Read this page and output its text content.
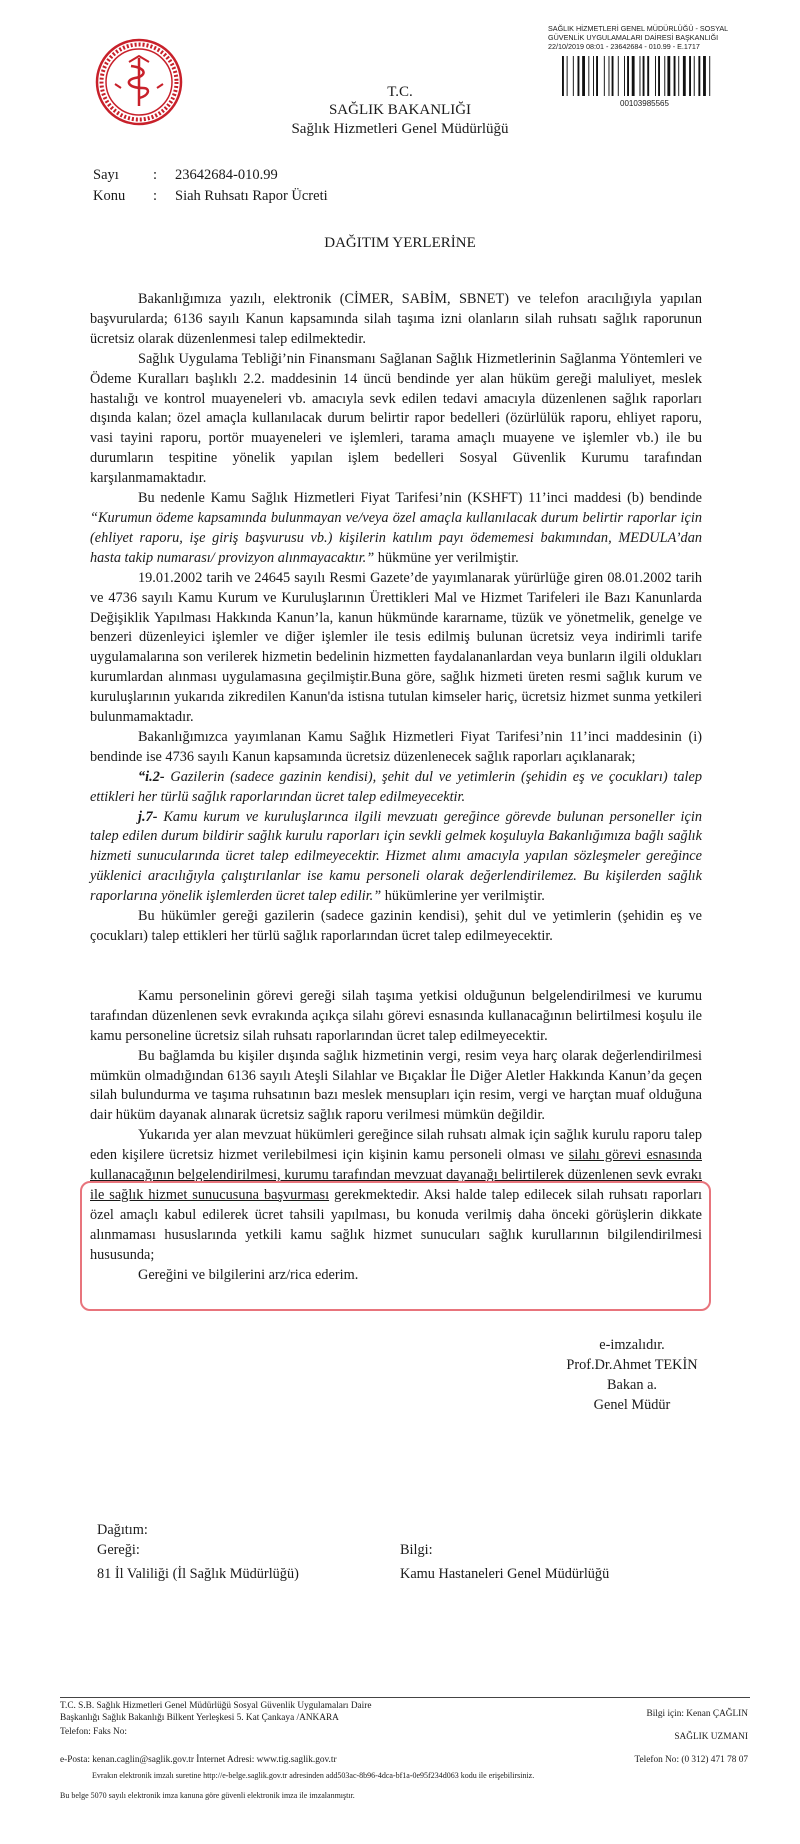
SAĞLIK HİZMETLERİ GENEL MÜDÜRLÜĞÜ - SOSYAL
GÜVENLİK UYGULAMALARI DAİRESİ BAŞKANLIĞI
22/10/2019 08:01 - 23642684 - 010.99 - E.1717
00103985565
T.C.
SAĞLIK BAKANLIĞI
Sağlık Hizmetleri Genel Müdürlüğü
Sayı : 23642684-010.99
Konu : Siah Ruhsatı Rapor Ücreti
DAĞITIM YERLERİNE

Bakanlığımıza yazılı, elektronik (CİMER, SABİM, SBNET) ve telefon aracılığıyla yapılan başvurularda; 6136 sayılı Kanun kapsamında silah taşıma izni olanların silah ruhsatı sağlık raporunun ücretsiz olarak düzenlenmesi talep edilmektedir.

Sağlık Uygulama Tebliği’nin Finansmanı Sağlanan Sağlık Hizmetlerinin Sağlanma Yöntemleri ve Ödeme Kuralları başlıklı 2.2. maddesinin 14 üncü bendinde yer alan hüküm gereği maluliyet, meslek hastalığı ve kontrol muayeneleri vb. amacıyla sevk edilen tedavi amacıyla düzenlenen sağlık raporları dışında kalan; özel amaçla kullanılacak durum belirtir rapor bedelleri (özürlülük raporu, ehliyet raporu, vasi tayini raporu, portör muayeneleri ve işlemleri, tarama amaçlı muayene ve işlemler vb.) ile bu durumların tespitine yönelik yapılan işlem bedelleri Sosyal Güvenlik Kurumu tarafından karşılanmamaktadır.

Bu nedenle Kamu Sağlık Hizmetleri Fiyat Tarifesi’nin (KSHFT) 11’inci maddesi (b) bendinde “Kurumun ödeme kapsamında bulunmayan ve/veya özel amaçla kullanılacak durum belirtir raporlar için (ehliyet raporu, işe giriş başvurusu vb.) kişilerin katılım payı ödememesi bakımından, MEDULA’dan hasta takip numarası/ provizyon alınmayacaktır.” hükmüne yer verilmiştir.

19.01.2002 tarih ve 24645 sayılı Resmi Gazete’de yayımlanarak yürürlüğe giren 08.01.2002 tarih ve 4736 sayılı Kamu Kurum ve Kuruluşlarının Ürettikleri Mal ve Hizmet Tarifeleri ile Bazı Kanunlarda Değişiklik Yapılması Hakkında Kanun’la, kanun hükmünde kararname, tüzük ve yönetmelik, genelge ve benzeri düzenleyici işlemler ve diğer işlemler ile tesis edilmiş bulunan ücretsiz veya indirimli tarife uygulamalarına son verilerek hizmetin bedelinin hizmetten faydalananlardan veya bunların ilgili oldukları kurumlardan alınması uygulamasına geçilmiştir.Buna göre, sağlık hizmeti üreten resmi sağlık kurum ve kuruluşlarının yukarıda zikredilen Kanun'da istisna tutulan kimseler hariç, ücretsiz hizmet sunma yetkileri bulunmamaktadır.

Bakanlığımızca yayımlanan Kamu Sağlık Hizmetleri Fiyat Tarifesi’nin 11’inci maddesinin (i) bendinde ise 4736 sayılı Kanun kapsamında ücretsiz düzenlenecek sağlık raporları açıklanarak;

“i.2- Gazilerin (sadece gazinin kendisi), şehit dul ve yetimlerin (şehidin eş ve çocukları) talep ettikleri her türlü sağlık raporlarından ücret talep edilmeyecektir.

j.7- Kamu kurum ve kuruluşlarınca ilgili mevzuatı gereğince görevde bulunan personeller için talep edilen durum bildirir sağlık kurulu raporları için sevkli gelmek koşuluyla Bakanlığımıza bağlı sağlık hizmeti sunucularında ücret talep edilmeyecektir. Hizmet alımı amacıyla yapılan sözleşmeler gereğince yüklenici aracılığıyla çalıştırılanlar ise kamu personeli olarak değerlendirilemez. Bu kişilerden sağlık raporlarına yönelik işlemlerden ücret talep edilir.” hükümlerine yer verilmiştir.

Bu hükümler gereği gazilerin (sadece gazinin kendisi), şehit dul ve yetimlerin (şehidin eş ve çocukları) talep ettikleri her türlü sağlık raporlarından ücret talep edilmeyecektir.

Kamu personelinin görevi gereği silah taşıma yetkisi olduğunun belgelendirilmesi ve kurumu tarafından düzenlenen sevk evrakında açıkça silahı görevi esnasında kullanacağının belirtilmesi koşulu ile kamu personeline ücretsiz silah ruhsatı raporlarından ücret talep edilmeyecektir.

Bu bağlamda bu kişiler dışında sağlık hizmetinin vergi, resim veya harç olarak değerlendirilmesi mümkün olmadığından 6136 sayılı Ateşli Silahlar ve Bıçaklar İle Diğer Aletler Hakkında Kanun’da geçen silah bulundurma ve taşıma ruhsatının bazı meslek mensupları için resim, vergi ve harçtan muaf olduğuna dair hüküm dayanak alınarak ücretsiz sağlık raporu verilmesi mümkün değildir.

Yukarıda yer alan mevzuat hükümleri gereğince silah ruhsatı almak için sağlık kurulu raporu talep eden kişilere ücretsiz hizmet verilebilmesi için kişinin kamu personeli olması ve silahı görevi esnasında kullanacağının belgelendirilmesi, kurumu tarafından mevzuat dayanağı belirtilerek düzenlenen sevk evrakı ile sağlık hizmet sunucusuna başvurması gerekmektedir. Aksi halde talep edilecek silah ruhsatı raporları özel amaçlı kabul edilerek ücret tahsili yapılması, bu konuda verilmiş daha önceki görüşlerin dikkate alınmaması hususlarında yetkili kamu sağlık hizmet sunucuları sağlık kurullarının bilgilendirilmesi hususunda;

Gereğini ve bilgilerini arz/rica ederim.

e-imzalıdır.
Prof.Dr.Ahmet TEKİN
Bakan a.
Genel Müdür
Dağıtım:
Gereği:
81 İl Valiliği (İl Sağlık Müdürlüğü)
Bilgi:
Kamu Hastaneleri Genel Müdürlüğü
T.C. S.B. Sağlık Hizmetleri Genel Müdürlüğü Sosyal Güvenlik Uygulamaları Daire
Başkanlığı Sağlık Bakanlığı Bilkent Yerleşkesi 5. Kat Çankaya /ANKARA
Telefon: Faks No:
e-Posta: kenan.caglin@saglik.gov.tr İnternet Adresi: www.tig.saglik.gov.tr
Bilgi için: Kenan ÇAĞLIN
SAĞLIK UZMANI
Telefon No: (0 312) 471 78 07
Evrakın elektronik imzalı suretine http://e-belge.saglik.gov.tr adresinden add503ac-8b96-4dca-bf1a-0e95f234d063 kodu ile erişebilirsiniz.
Bu belge 5070 sayılı elektronik imza kanuna göre güvenli elektronik imza ile imzalanmıştır.
